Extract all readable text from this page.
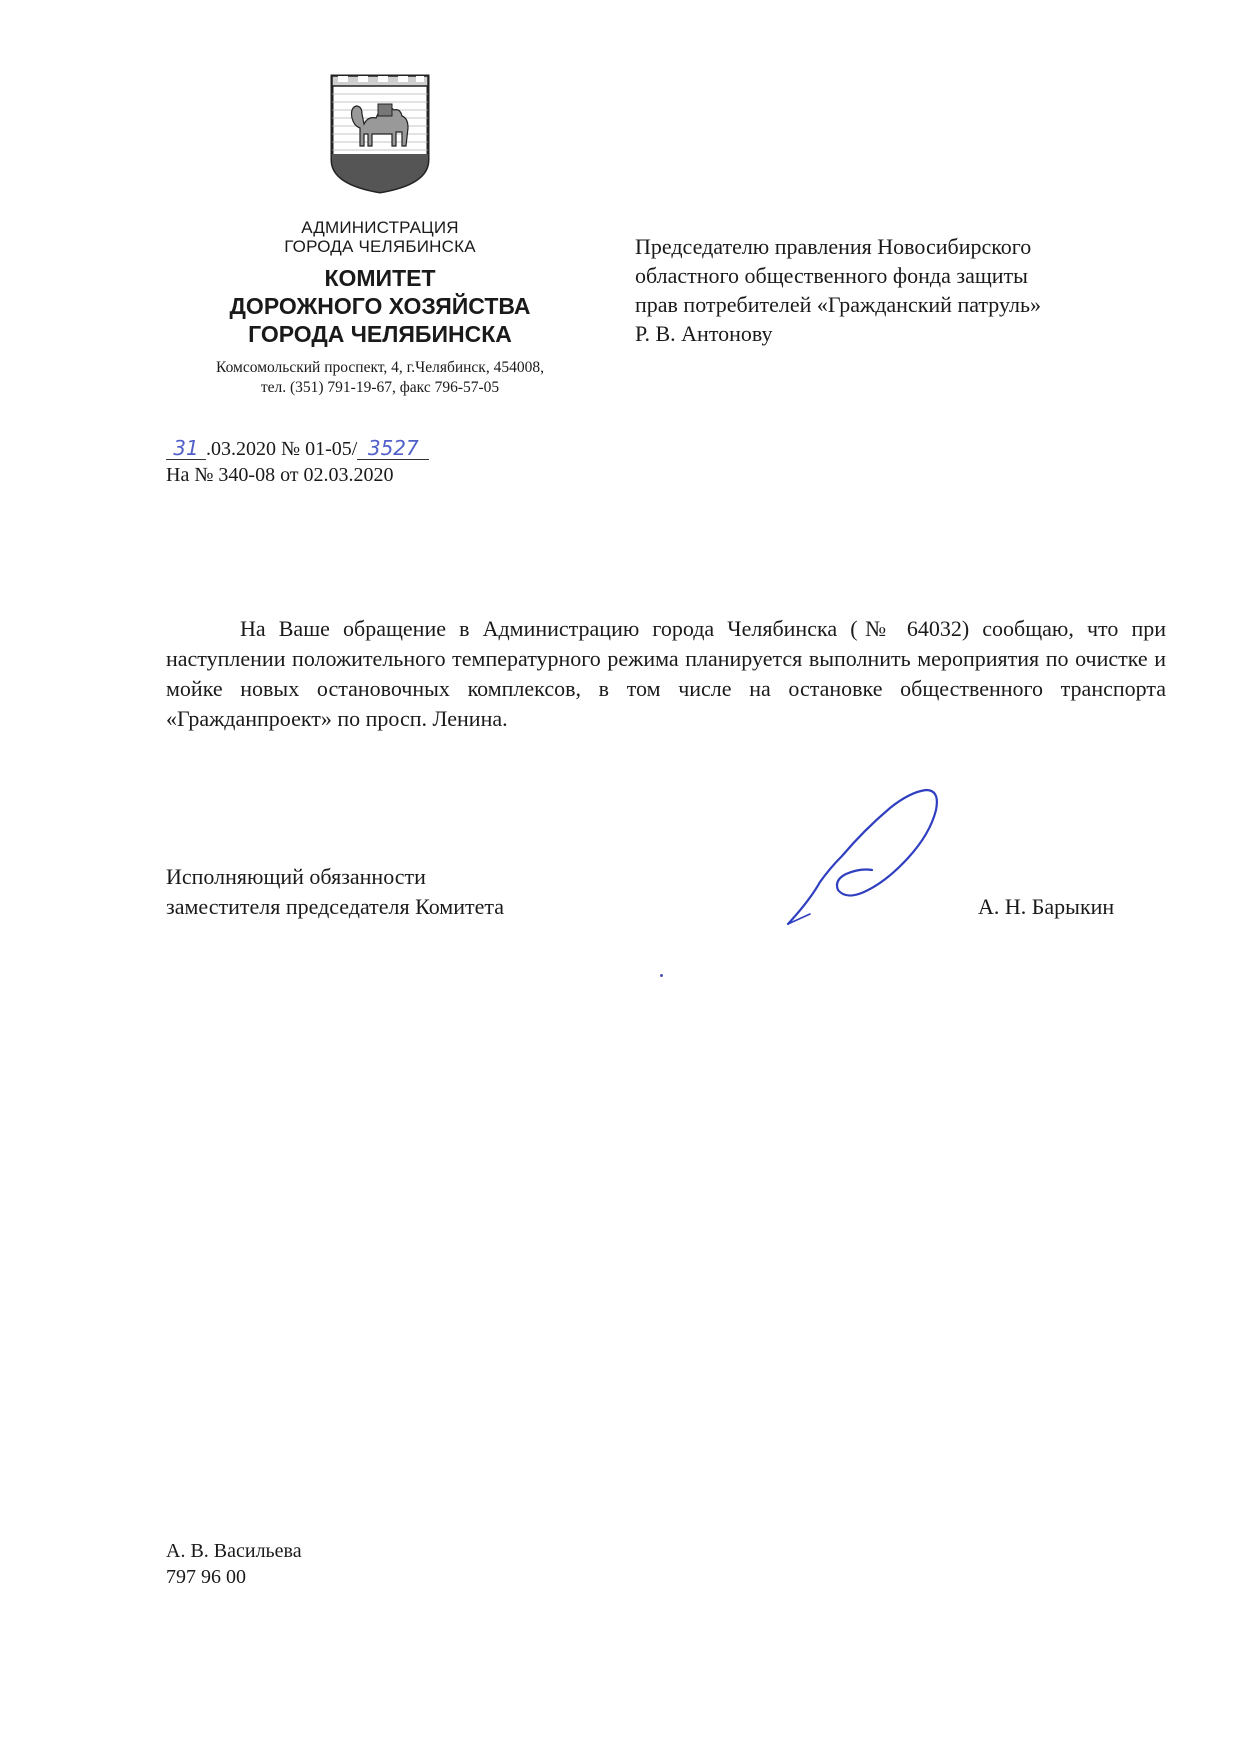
АДМИНИСТРАЦИЯ
ГОРОДА ЧЕЛЯБИНСКА
КОМИТЕТ
ДОРОЖНОГО ХОЗЯЙСТВА
ГОРОДА ЧЕЛЯБИНСКА
Комсомольский проспект, 4, г.Челябинск, 454008,
тел. (351) 791-19-67, факс 796-57-05
31 .03.2020 № 01-05/ 3527
На № 340-08 от 02.03.2020
Председателю правления Новосибирского
областного общественного фонда защиты
прав потребителей «Гражданский патруль»
Р. В. Антонову
На Ваше обращение в Администрацию города Челябинска (№ 64032) сообщаю, что при наступлении положительного температурного режима планируется выполнить мероприятия по очистке и мойке новых остановочных комплексов, в том числе на остановке общественного транспорта «Гражданпроект» по просп. Ленина.
Исполняющий обязанности
заместителя председателя Комитета	А. Н. Барыкин
А. В. Васильева
797 96 00
